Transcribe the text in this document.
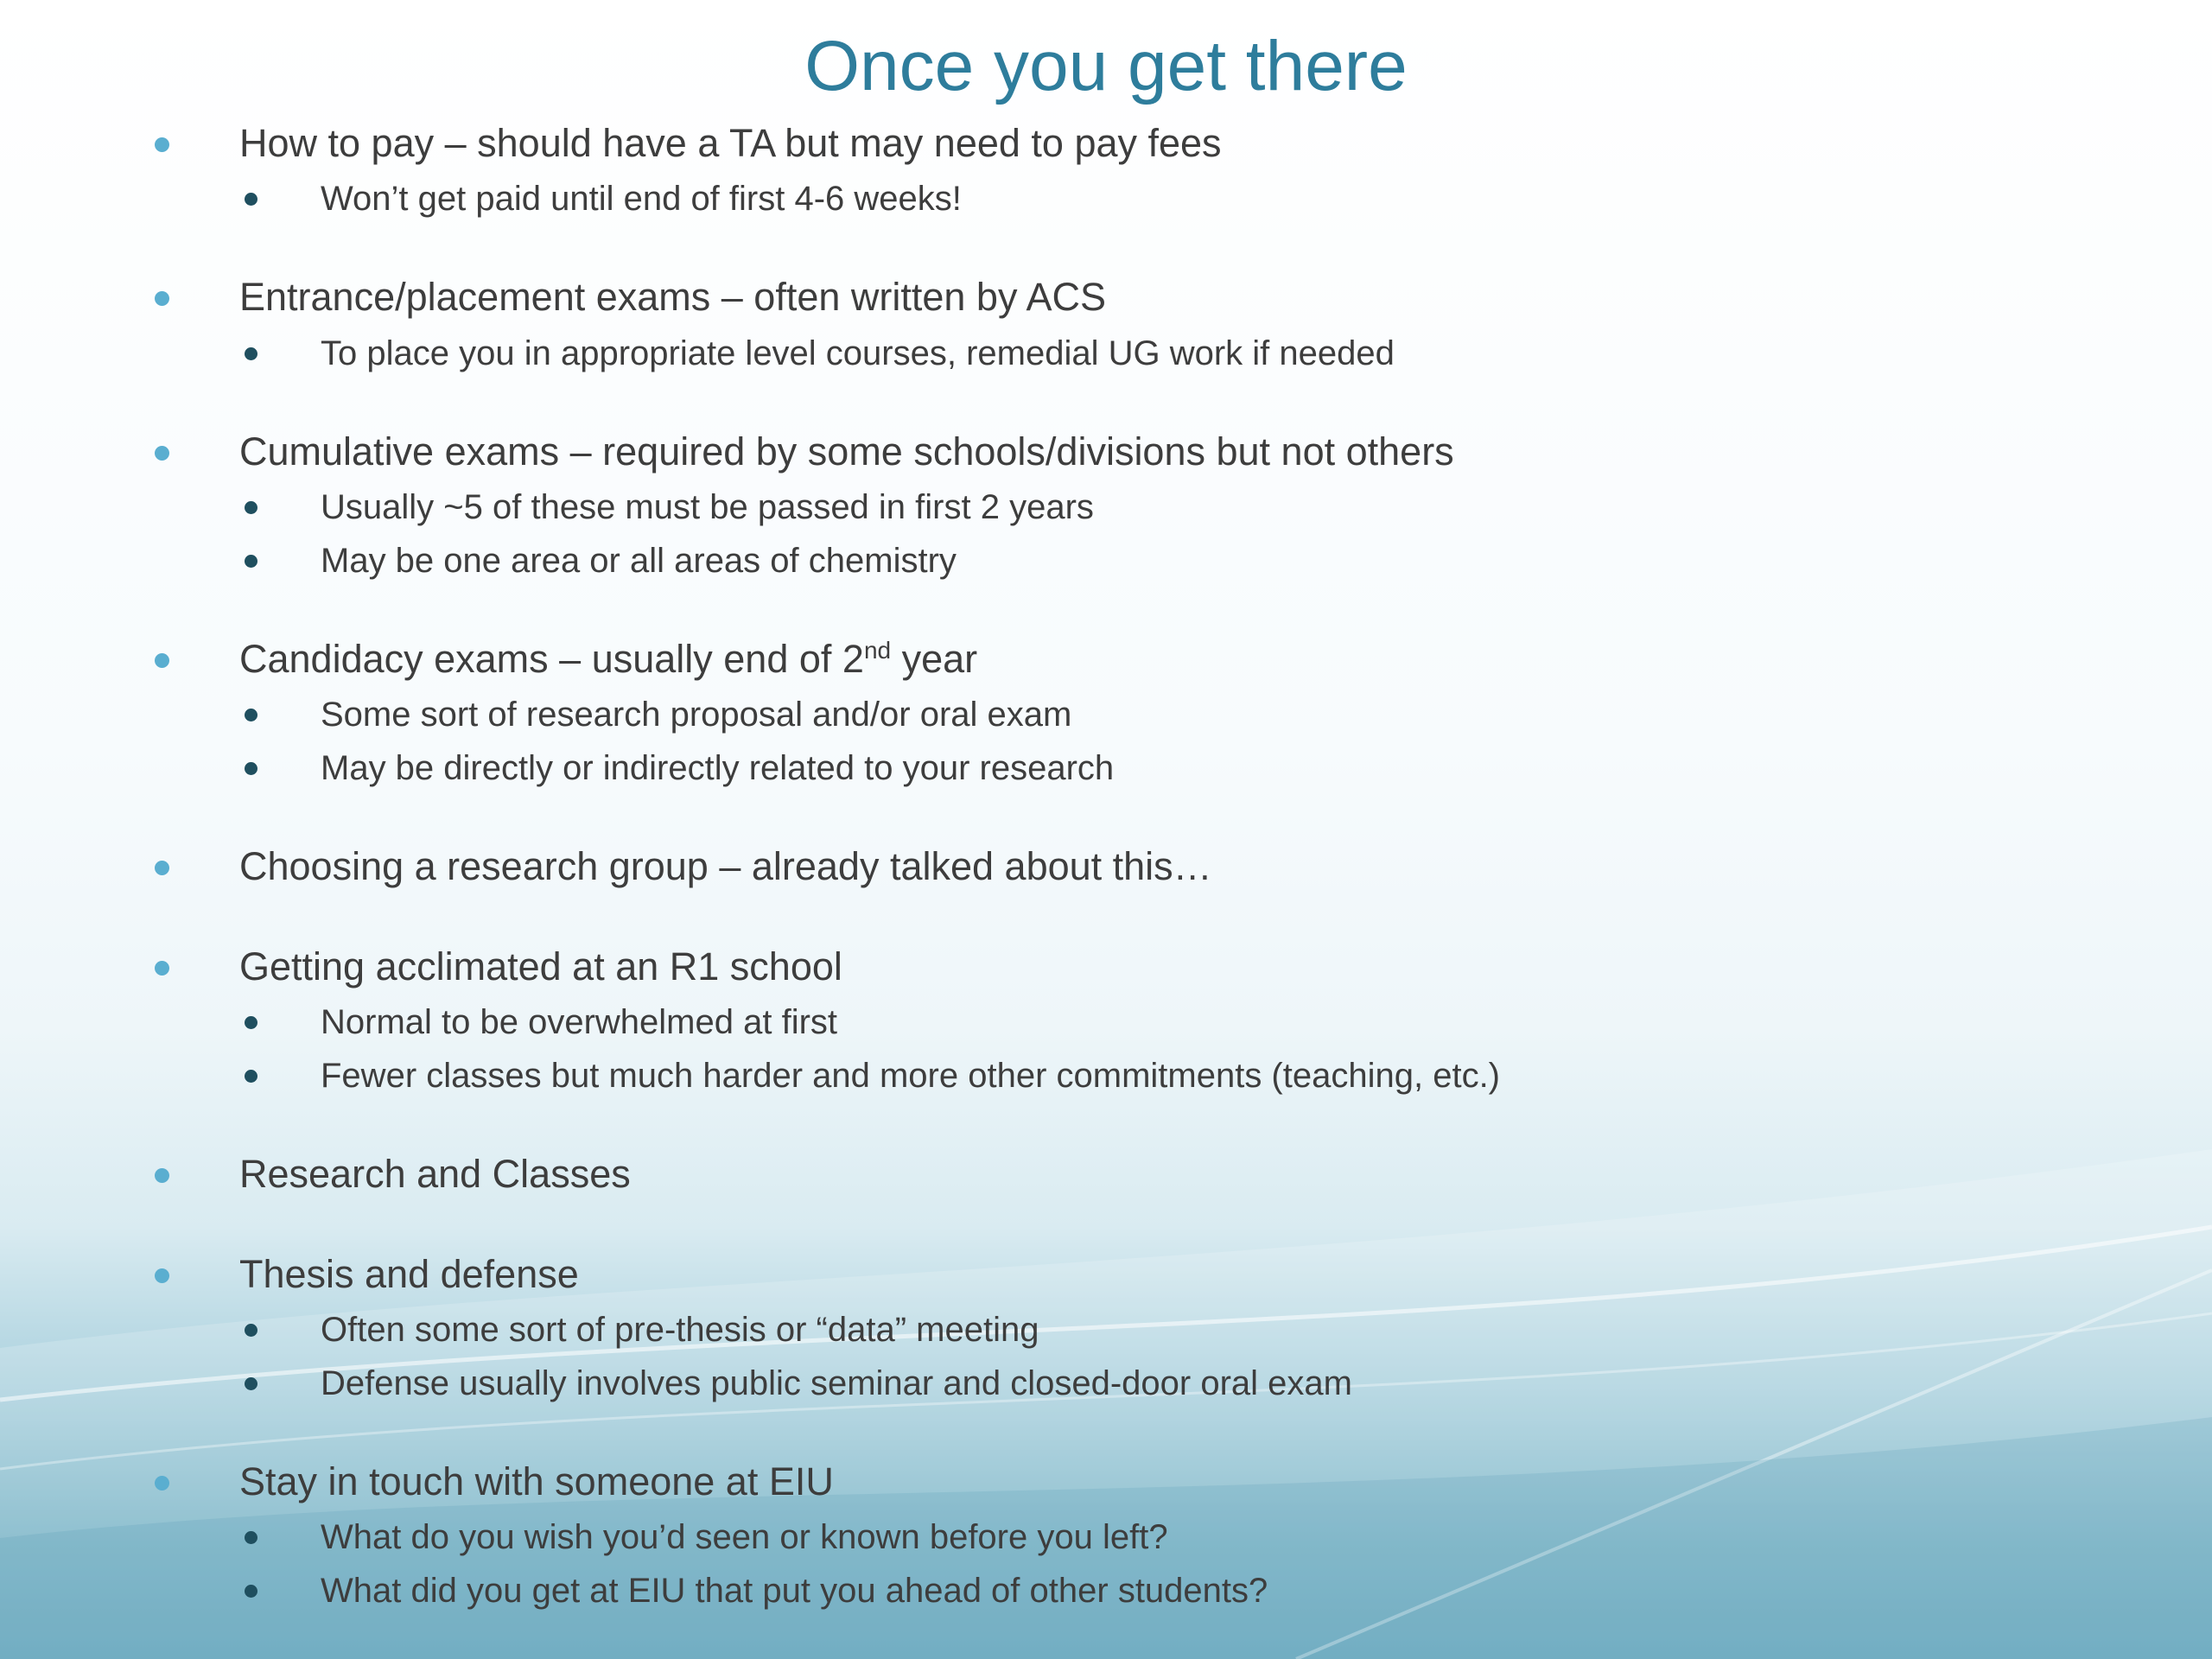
Once you get there
How to pay – should have a TA but may need to pay fees
Won’t get paid until end of first 4-6 weeks!
Entrance/placement exams – often written by ACS
To place you in appropriate level courses, remedial UG work if needed
Cumulative exams – required by some schools/divisions but not others
Usually ~5 of these must be passed in first 2 years
May be one area or all areas of chemistry
Candidacy exams – usually end of 2nd year
Some sort of research proposal and/or oral exam
May be directly or indirectly related to your research
Choosing a research group – already talked about this…
Getting acclimated at an R1 school
Normal to be overwhelmed at first
Fewer classes but much harder and more other commitments (teaching, etc.)
Research and Classes
Thesis and defense
Often some sort of pre-thesis or “data” meeting
Defense usually involves public seminar and closed-door oral exam
Stay in touch with someone at EIU
What do you wish you’d seen or known before you left?
What did you get at EIU that put you ahead of other students?
